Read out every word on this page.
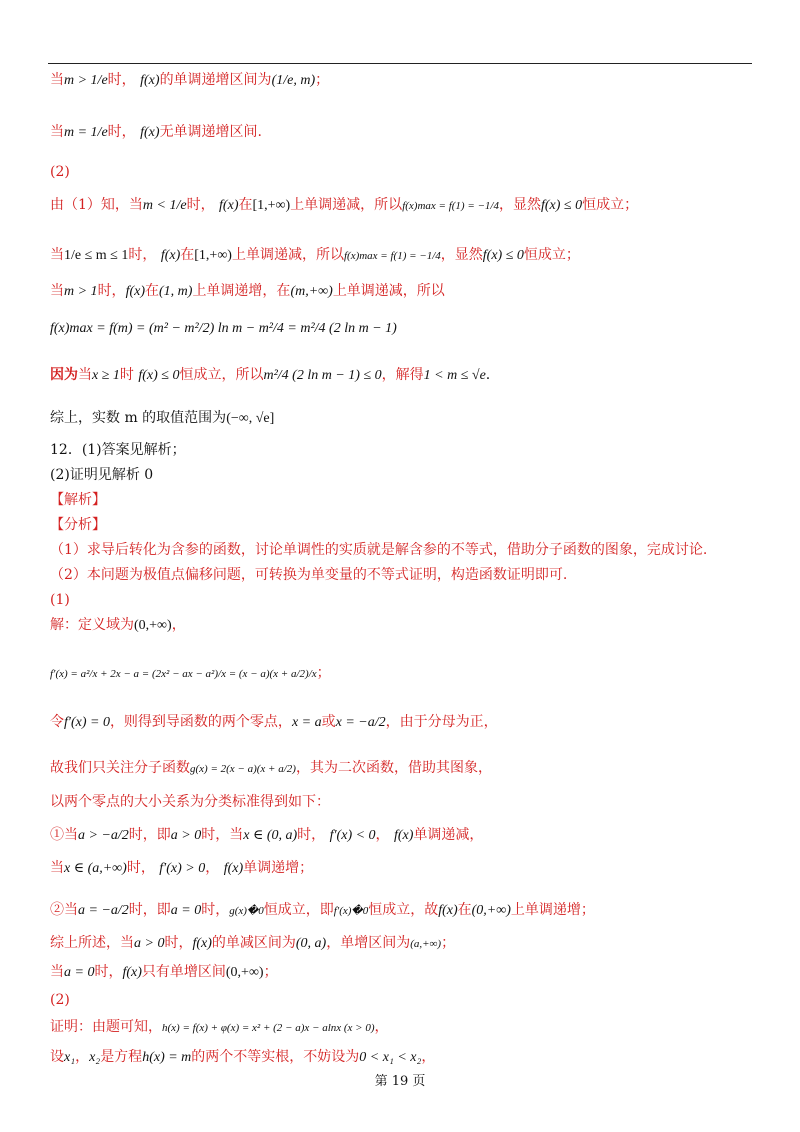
当m > 1/e时， f(x)的单调递增区间为(1/e, m)；
当m = 1/e时， f(x)无单调递增区间.
(2)
由（1）知，当m < 1/e时， f(x)在[1,+∞)上单调递减，所以f(x)max = f(1) = −1/4，显然f(x) ≤ 0恒成立；
当1/e ≤ m ≤ 1时， f(x)在[1,+∞)上单调递减，所以f(x)max = f(1) = −1/4，显然f(x) ≤ 0恒成立；
当m > 1时，f(x)在(1, m)上单调递增，在(m,+∞)上单调递减，所以
f(x)max = f(m) = (m² − m²/2) ln m − m²/4 = m²/4 (2 ln m − 1)
因为当x ≥ 1时 f(x) ≤ 0恒成立，所以m²/4 (2 ln m − 1) ≤ 0，解得1 < m ≤ √e.
综上，实数 m 的取值范围为(−∞, √e]
12．(1)答案见解析；
(2)证明见解析 0
【解析】
【分析】
（1）求导后转化为含参的函数，讨论单调性的实质就是解含参的不等式，借助分子函数的图象，完成讨论.
（2）本问题为极值点偏移问题，可转换为单变量的不等式证明，构造函数证明即可.
(1)
解：定义域为(0,+∞)，
f′(x) = a²/x + 2x − a = (2x² − ax − a²)/x = (x − a)(x + a/2)/x；
令f′(x) = 0，则得到导函数的两个零点，x = a或x = −a/2，由于分母为正，
故我们只关注分子函数g(x) = 2(x − a)(x + a/2)，其为二次函数，借助其图象，
以两个零点的大小关系为分类标准得到如下：
①当a > −a/2时，即a > 0时，当x ∈ (0, a)时， f′(x) < 0， f(x)单调递减，
当x ∈ (a,+∞)时， f′(x) > 0， f(x)单调递增；
②当a = −a/2时，即a = 0时，g(x)�0恒成立，即f′(x)�0恒成立，故f(x)在(0,+∞)上单调递增；
综上所述，当a > 0时，f(x)的单减区间为(0, a)，单增区间为(a,+∞)；
当a = 0时，f(x)只有单增区间(0,+∞)；
(2)
证明：由题可知，h(x) = f(x) + φ(x) = x² + (2 − a)x − alnx (x > 0)，
设x₁，x₂是方程h(x) = m的两个不等实根，不妨设为0 < x₁ < x₂，
第 19 页
